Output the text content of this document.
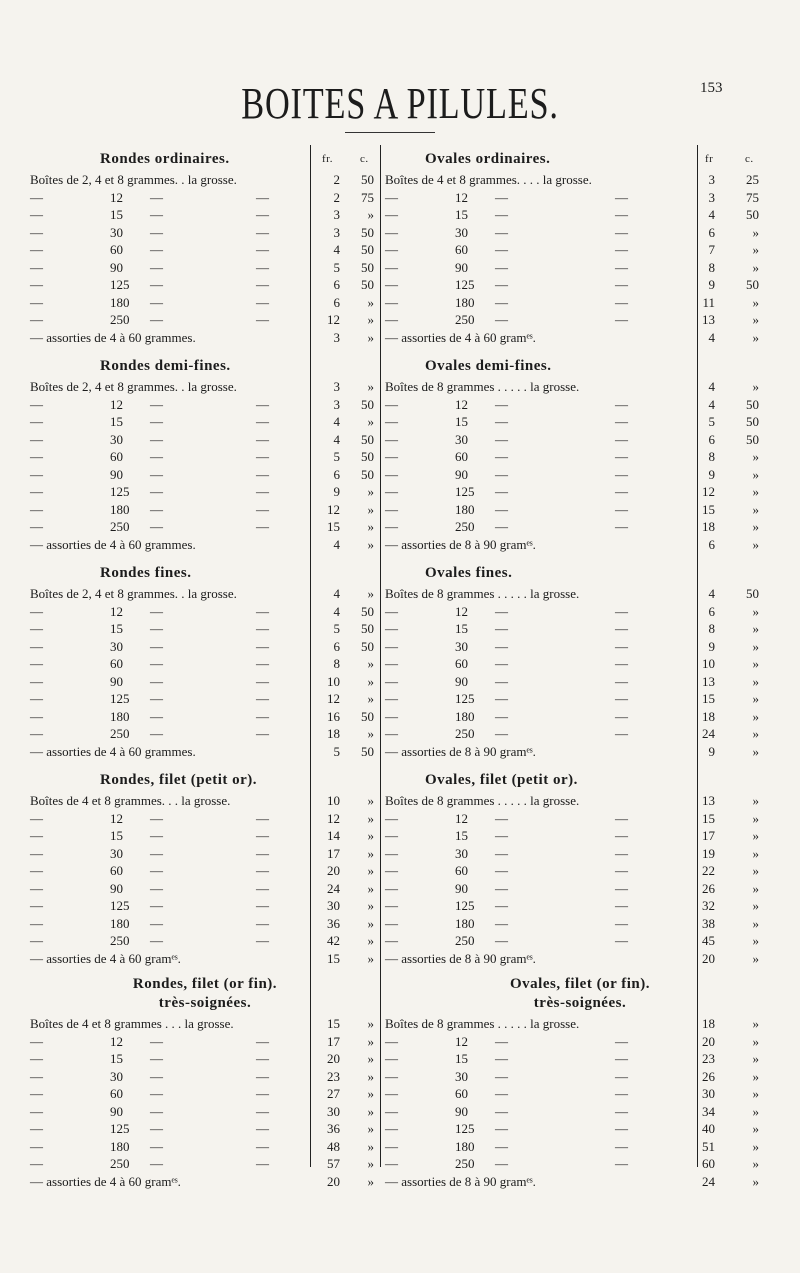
153
BOITES A PILULES.
Rondes ordinaires.	fr. c.
Boîtes de 2, 4 et 8 grammes. . la grosse.	2	50
—	12 —	—	2	75
—	15 —	—	3	»
—	30 —	—	3	50
—	60 —	—	4	50
—	90 —	—	5	50
—	125 —	—	6	50
—	180 —	—	6	»
—	250 —	—	12	»
— assorties de 4 à 60 grammes.	3	»
Rondes demi-fines.
Boîtes de 2, 4 et 8 grammes. . la grosse.	3	»
—	12 —	—	3	50
—	15 —	—	4	»
—	30 —	—	4	50
—	60 —	—	5	50
—	90 —	—	6	50
—	125 —	—	9	»
—	180 —	—	12	»
—	250 —	—	15	»
— assorties de 4 à 60 grammes.	4	»
Rondes fines.
Boîtes de 2, 4 et 8 grammes. . la grosse.	4	»
—	12 —	—	4	50
—	15 —	—	5	50
—	30 —	—	6	50
—	60 —	—	8	»
—	90 —	—	10	»
—	125 —	—	12	»
—	180 —	—	16	50
—	250 —	—	18	»
— assorties de 4 à 60 grammes.	5	50
Rondes, filet (petit or).
Boîtes de 4 et 8 grammes. . . la grosse.	10	»
—	12 —	—	12	»
—	15 —	—	14	»
—	30 —	—	17	»
—	60 —	—	20	»
—	90 —	—	24	»
—	125 —	—	30	»
—	180 —	—	36	»
—	250 —	—	42	»
— assorties de 4 à 60 gramᵉˢ.	15	»
Rondes, filet (or fin).
très-soignées.
Boîtes de 4 et 8 grammes . . . la grosse.	15	»
—	12 —	—	17	»
—	15 —	—	20	»
—	30 —	—	23	»
—	60 —	—	27	»
—	90 —	—	30	»
—	125 —	—	36	»
—	180 —	—	48	»
—	250 —	—	57	»
— assorties de 4 à 60 gramᵉˢ.	20	»
Ovales ordinaires.	fr	c.
Boîtes de 4 et 8 grammes. . . . la grosse.	3	25
—	12 —	—	3	75
—	15 —	—	4	50
—	30 —	—	6	»
—	60 —	—	7	»
—	90 —	—	8	»
—	125 —	—	9	50
—	180 —	—	11	»
—	250 —	—	13	»
— assorties de 4 à 60 gramᵉˢ.	4	»
Ovales demi-fines.
Boîtes de 8 grammes . . . . . la grosse.	4	»
—	12 —	—	4	50
—	15 —	—	5	50
—	30 —	—	6	50
—	60 —	—	8	»
—	90 —	—	9	»
—	125 —	—	12	»
—	180 —	—	15	»
—	250 —	—	18	»
— assorties de 8 à 90 gramᵉˢ.	6	»
Ovales fines.
Boîtes de 8 grammes . . . . . la grosse.	4	50
—	12 —	—	6	»
—	15 —	—	8	»
—	30 —	—	9	»
—	60 —	—	10	»
—	90 —	—	13	»
—	125 —	—	15	»
—	180 —	—	18	»
—	250 —	—	24	»
— assorties de 8 à 90 gramᵉˢ.	9	»
Ovales, filet (petit or).
Boîtes de 8 grammes . . . . . la grosse.	13	»
—	12 —	—	15	»
—	15 —	—	17	»
—	30 —	—	19	»
—	60 —	—	22	»
—	90 —	—	26	»
—	125 —	—	32	»
—	180 —	—	38	»
—	250 —	—	45	»
— assorties de 8 à 90 gramᵉˢ.	20	»
Ovales, filet (or fin).
très-soignées.
Boîtes de 8 grammes . . . . . la grosse.	18	»
—	12 —	—	20	»
—	15 —	—	23	»
—	30 —	—	26	»
—	60 —	—	30	»
—	90 —	—	34	»
—	125 —	—	40	»
—	180 —	—	51	»
—	250 —	—	60	»
— assorties de 8 à 90 gramᵉˢ.	24	»
